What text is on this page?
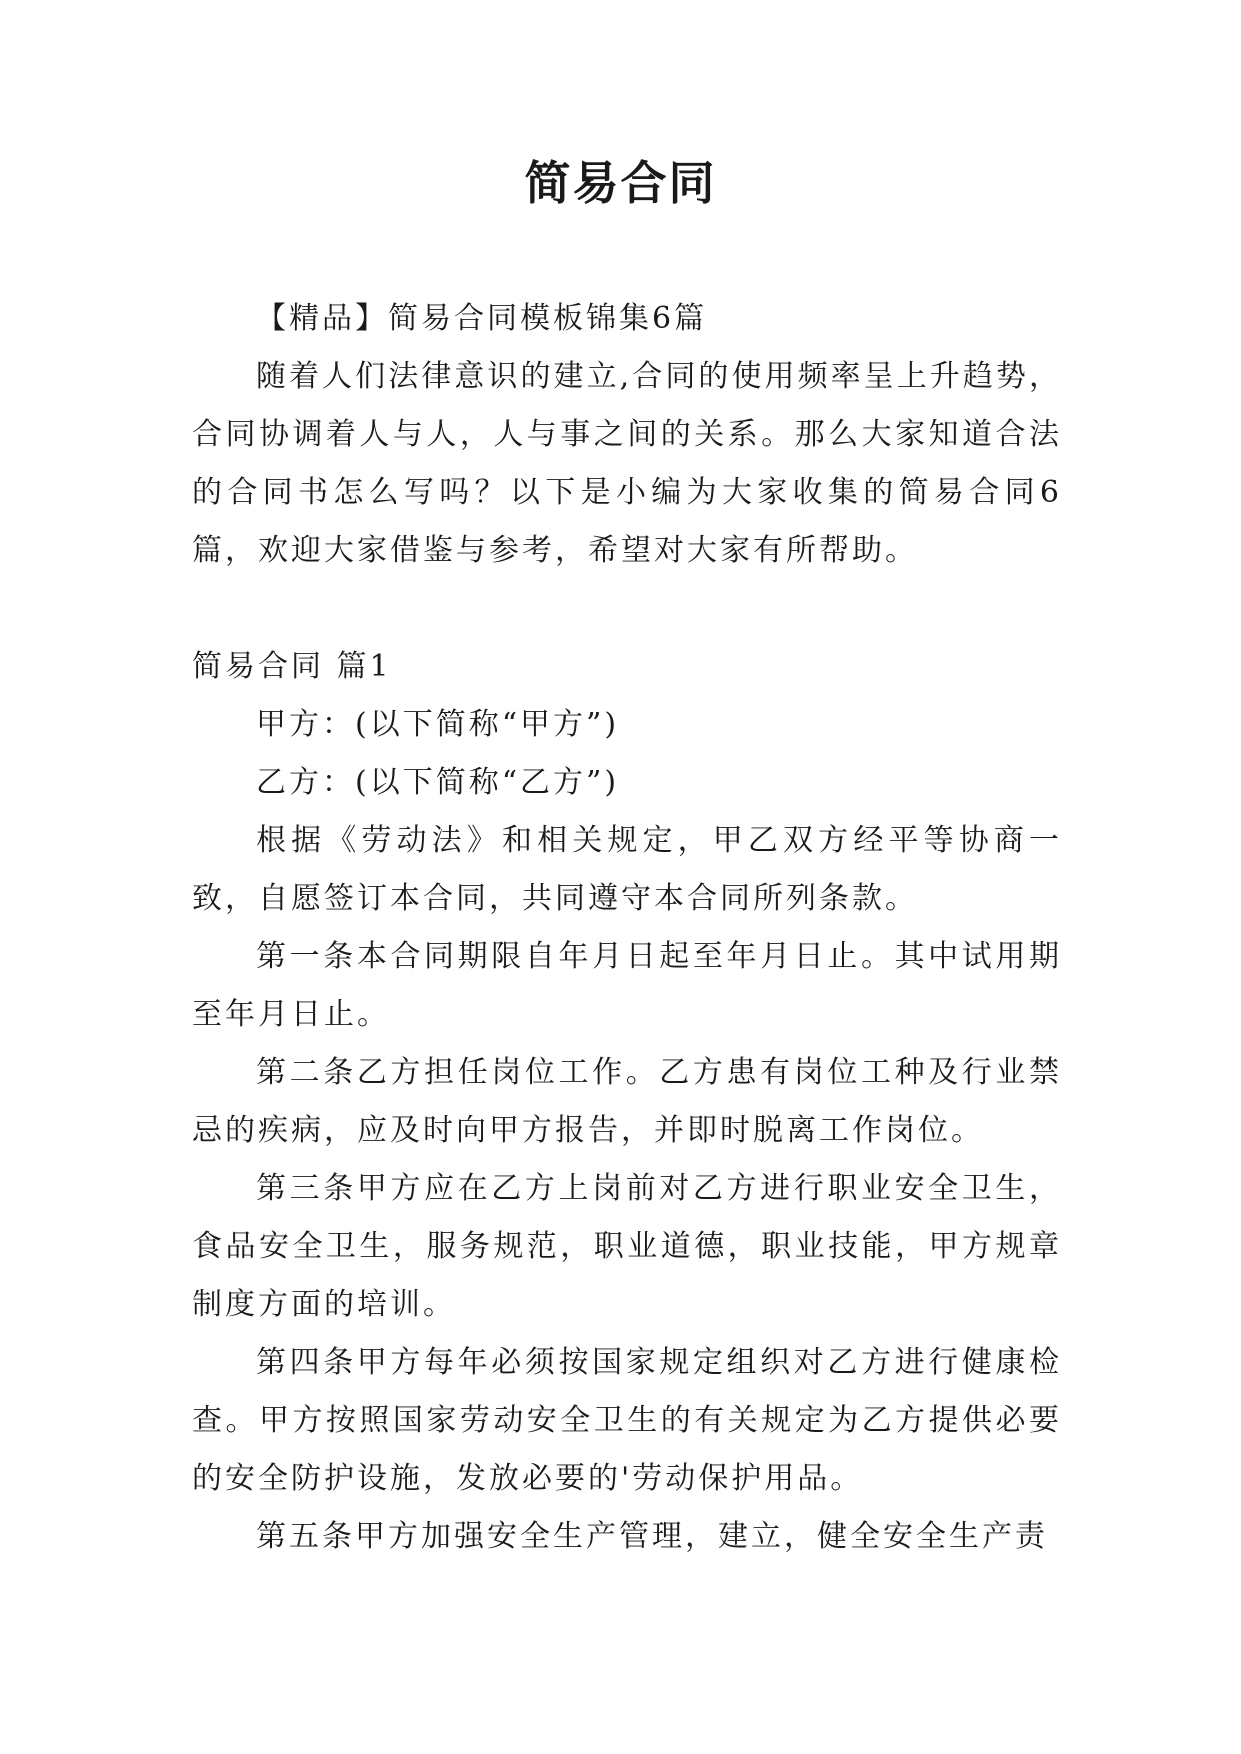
简易合同

【精品】简易合同模板锦集6篇

随着人们法律意识的建立,合同的使用频率呈上升趋势，合同协调着人与人，人与事之间的关系。那么大家知道合法的合同书怎么写吗？以下是小编为大家收集的简易合同6篇，欢迎大家借鉴与参考，希望对大家有所帮助。

简易合同 篇1

甲方：(以下简称“甲方”)

乙方：(以下简称“乙方”)

根据《劳动法》和相关规定，甲乙双方经平等协商一致，自愿签订本合同，共同遵守本合同所列条款。

第一条本合同期限自年月日起至年月日止。其中试用期至年月日止。

第二条乙方担任岗位工作。乙方患有岗位工种及行业禁忌的疾病，应及时向甲方报告，并即时脱离工作岗位。

第三条甲方应在乙方上岗前对乙方进行职业安全卫生，食品安全卫生，服务规范，职业道德，职业技能，甲方规章制度方面的培训。

第四条甲方每年必须按国家规定组织对乙方进行健康检查。甲方按照国家劳动安全卫生的有关规定为乙方提供必要的安全防护设施，发放必要的'劳动保护用品。

第五条甲方加强安全生产管理，建立，健全安全生产责
